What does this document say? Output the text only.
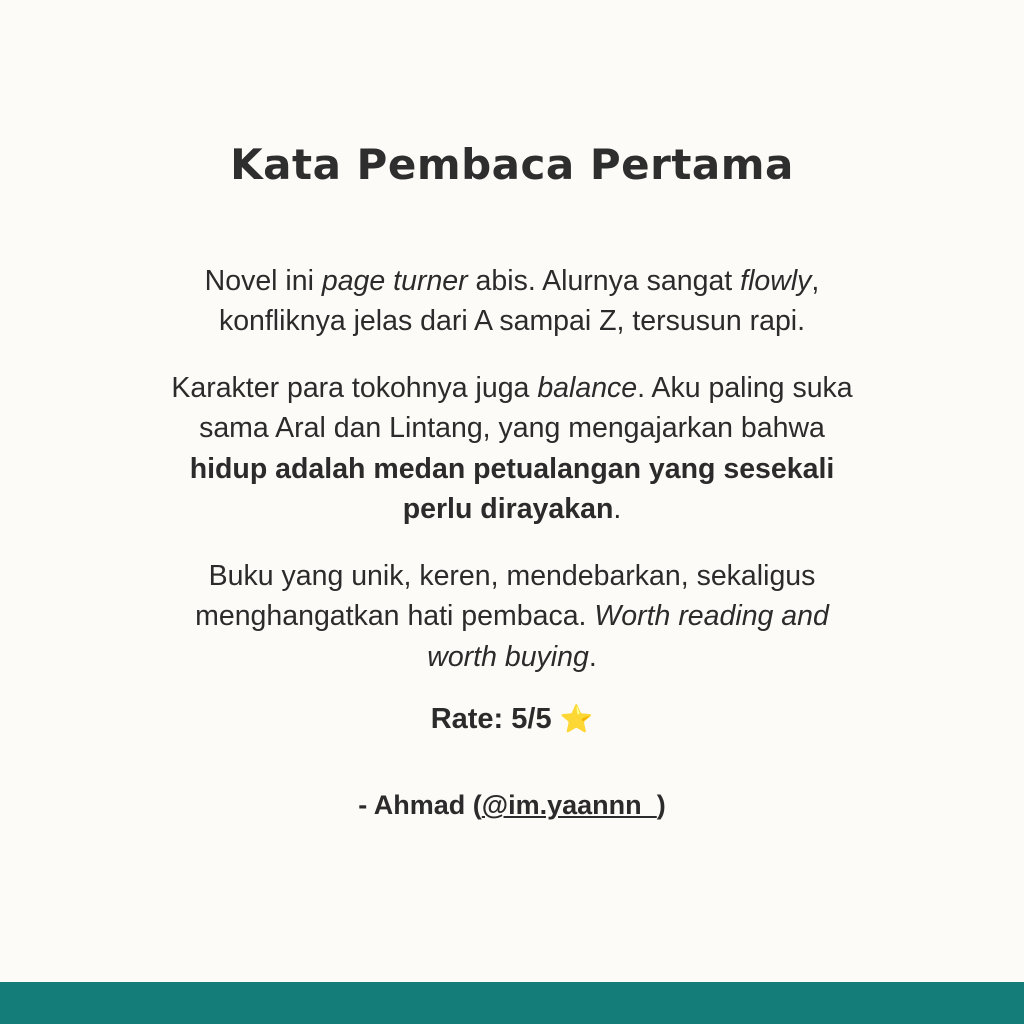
Kata Pembaca Pertama

Novel ini page turner abis. Alurnya sangat flowly, konfliknya jelas dari A sampai Z, tersusun rapi.

Karakter para tokohnya juga balance. Aku paling suka sama Aral dan Lintang, yang mengajarkan bahwa hidup adalah medan petualangan yang sesekali perlu dirayakan.

Buku yang unik, keren, mendebarkan, sekaligus menghangatkan hati pembaca. Worth reading and worth buying.

Rate: 5/5 ⭐

- Ahmad (@im.yaannn_)
